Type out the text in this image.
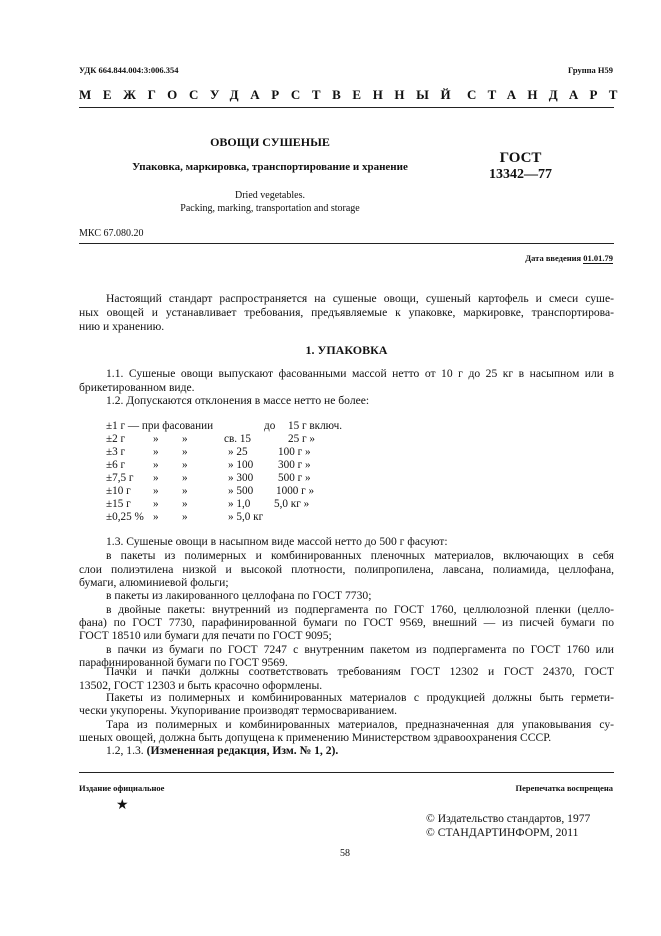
УДК 664.844.004:3:006.354	Группа Н59
МЕЖГОСУДАРСТВЕННЫЙ СТАНДАРТ
ОВОЩИ СУШЕНЫЕ
Упаковка, маркировка, транспортирование и хранение
Dried vegetables.
Packing, marking, transportation and storage
ГОСТ
13342—77
МКС 67.080.20
Дата введения 01.01.79
Настоящий стандарт распространяется на сушеные овощи, сушеный картофель и смеси суше-
ных овощей и устанавливает требования, предъявляемые к упаковке, маркировке, транспортирова-
нию и хранению.
1. УПАКОВКА
1.1. Сушеные овощи выпускают фасованными массой нетто от 10 г до 25 кг в насыпном или в
брикетированном виде.
1.2. Допускаются отклонения в массе нетто не более:
±1 г — при фасовании	до 15 г включ.
±2 г » »	св. 15	25 г »
±3 г » »	» 25	100 г »
±6 г » »	» 100 300 г »
±7,5 г » »	» 300 500 г »
±10 г » »	» 500 1000 г »
±15 г » »	» 1,0 5,0 кг »
±0,25 % » »	» 5,0 кг
1.3. Сушеные овощи в насыпном виде массой нетто до 500 г фасуют:
в пакеты из полимерных и комбинированных пленочных материалов, включающих в себя
слои полиэтилена низкой и высокой плотности, полипропилена, лавсана, полиамида, целлофана,
бумаги, алюминиевой фольги;
в пакеты из лакированного целлофана по ГОСТ 7730;
в двойные пакеты: внутренний из подпергамента по ГОСТ 1760, целлюлозной пленки (целло-
фана) по ГОСТ 7730, парафинированной бумаги по ГОСТ 9569, внешний — из писчей бумаги по
ГОСТ 18510 или бумаги для печати по ГОСТ 9095;
в пачки из бумаги по ГОСТ 7247 с внутренним пакетом из подпергамента по ГОСТ 1760 или
парафинированной бумаги по ГОСТ 9569.
Пачки и пачки должны соответствовать требованиям ГОСТ 12302 и ГОСТ 24370, ГОСТ
13502, ГОСТ 12303 и быть красочно оформлены.
Пакеты из полимерных и комбинированных материалов с продукцией должны быть гермети-
чески укупорены. Укупоривание производят термосвариванием.
Тара из полимерных и комбинированных материалов, предназначенная для упаковывания су-
шеных овощей, должна быть допущена к применению Министерством здравоохранения СССР.
1.2, 1.3. (Измененная редакция, Изм. № 1, 2).
Издание официальное	Перепечатка воспрещена
★
© Издательство стандартов, 1977
© СТАНДАРТИНФОРМ, 2011
58
